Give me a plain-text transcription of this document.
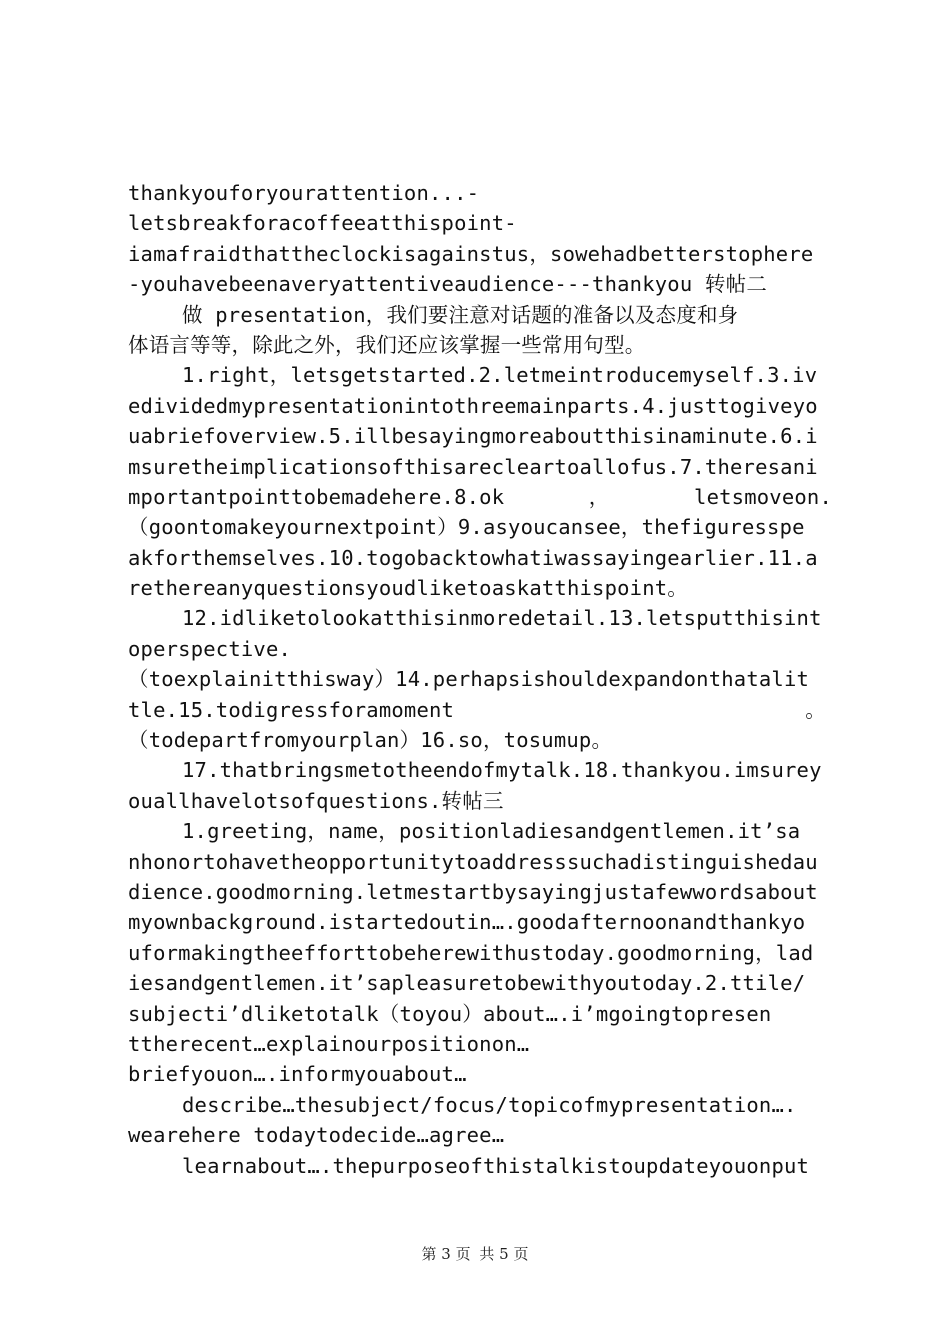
thankyouforyourattention...-
letsbreakforacoffeeatthispoint-
iamafraidthattheclockisagainstus，sowehadbetterstophere
-youhavebeenaveryattentiveaudience---thankyou 转帖二
做 presentation，我们要注意对话题的准备以及态度和身
体语言等等，除此之外，我们还应该掌握一些常用句型。
1.right，letsgetstarted.2.letmeintroducemyself.3.iv
edividedmypresentationintothreemainparts.4.justtogiveyo
uabriefoverview.5.illbesayingmoreaboutthisinaminute.6.i
msuretheimplicationsofthisarecleartoallofus.7.theresani
mportantpointtobemadehere.8.ok	，	letsmoveon.
（goontomakeyournextpoint）9.asyoucansee，thefiguresspe
akforthemselves.10.togobacktowhatiwassayingearlier.11.a
rethereanyquestionsyoudliketoaskatthispoint。
12.idliketolookatthisinmoredetail.13.letsputthisint
operspective.
（toexplainitthisway）14.perhapsishouldexpandonthatalit
tle.15.todigressforamoment	。
（todepartfromyourplan）16.so，tosumup。
17.thatbringsmetotheendofmytalk.18.thankyou.imsurey
ouallhavelotsofquestions.转帖三
1.greeting，name，positionladiesandgentlemen.it’sa
nhonortohavetheopportunitytoaddresssuchadistinguishedau
dience.goodmorning.letmestartbysayingjustafewwordsabout
myownbackground.istartedoutin….goodafternoonandthankyo
uformakingtheefforttobeherewithustoday.goodmorning，lad
iesandgentlemen.it’sapleasuretobewithyoutoday.2.ttile/
subjecti’dliketotalk（toyou）about….i’mgoingtopresen
ttherecent…explainourpositionon…
briefyouon….informyouabout…
describe…thesubject/focus/topicofmypresentation….
wearehere todaytodecide…agree…
learnabout….thepurposeofthistalkistoupdateyouonput
第 3 页 共 5 页
